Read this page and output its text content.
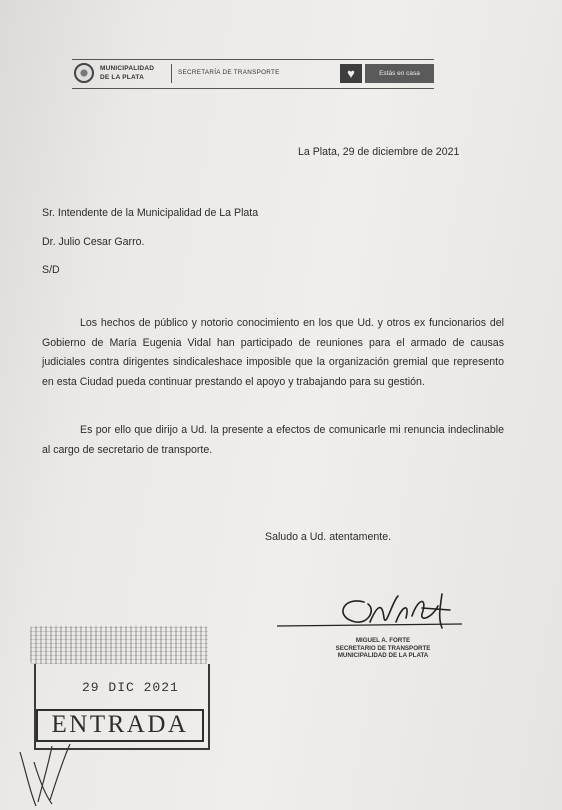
MUNICIPALIDAD
DE LA PLATA
SECRETARÍA DE TRANSPORTE	♥	Estás en casa
La Plata, 29 de diciembre de 2021
Sr. Intendente de la Municipalidad de La Plata
Dr. Julio Cesar Garro.
S/D
Los hechos de público y notorio conocimiento en los que Ud. y otros ex funcionarios del Gobierno de María Eugenia Vidal han participado de reuniones para el armado de causas judiciales contra dirigentes sindicalеshace imposible que la organización gremial que represento en esta Ciudad pueda continuar prestando el apoyo y trabajando para su gestión.
Es por ello que dirijo a Ud. la presente a efectos de comunicarle mi renuncia indeclinable al cargo de secretario de transporte.
Saludo a Ud. atentamente.
MIGUEL A. FORTE
SECRETARIO DE TRANSPORTE
MUNICIPALIDAD DE LA PLATA
29 DIC 2021
ENTRADA
